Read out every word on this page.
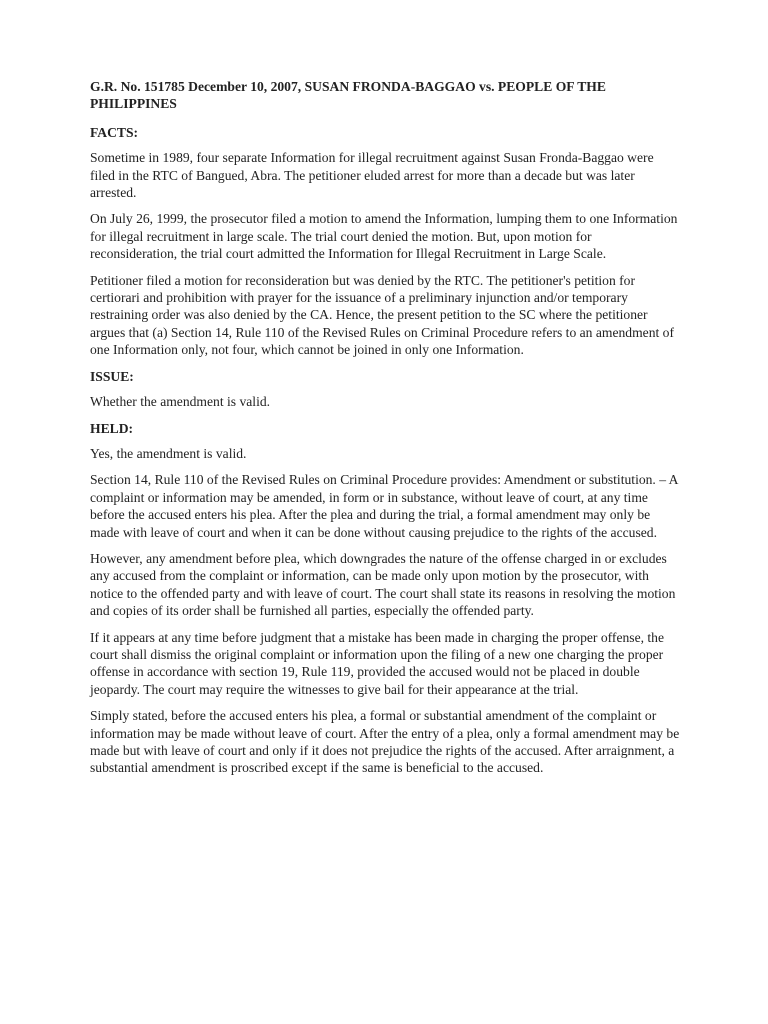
G.R. No. 151785 December 10, 2007, SUSAN FRONDA-BAGGAO vs. PEOPLE OF THE PHILIPPINES

FACTS:

Sometime in 1989, four separate Information for illegal recruitment against Susan Fronda-Baggao were filed in the RTC of Bangued, Abra. The petitioner eluded arrest for more than a decade but was later arrested.

On July 26, 1999, the prosecutor filed a motion to amend the Information, lumping them to one Information for illegal recruitment in large scale. The trial court denied the motion. But, upon motion for reconsideration, the trial court admitted the Information for Illegal Recruitment in Large Scale.

Petitioner filed a motion for reconsideration but was denied by the RTC. The petitioner's petition for certiorari and prohibition with prayer for the issuance of a preliminary injunction and/or temporary restraining order was also denied by the CA. Hence, the present petition to the SC where the petitioner argues that (a) Section 14, Rule 110 of the Revised Rules on Criminal Procedure refers to an amendment of one Information only, not four, which cannot be joined in only one Information.

ISSUE:

Whether the amendment is valid.

HELD:

Yes, the amendment is valid.

Section 14, Rule 110 of the Revised Rules on Criminal Procedure provides: Amendment or substitution. – A complaint or information may be amended, in form or in substance, without leave of court, at any time before the accused enters his plea. After the plea and during the trial, a formal amendment may only be made with leave of court and when it can be done without causing prejudice to the rights of the accused.

However, any amendment before plea, which downgrades the nature of the offense charged in or excludes any accused from the complaint or information, can be made only upon motion by the prosecutor, with notice to the offended party and with leave of court. The court shall state its reasons in resolving the motion and copies of its order shall be furnished all parties, especially the offended party.

If it appears at any time before judgment that a mistake has been made in charging the proper offense, the court shall dismiss the original complaint or information upon the filing of a new one charging the proper offense in accordance with section 19, Rule 119, provided the accused would not be placed in double jeopardy. The court may require the witnesses to give bail for their appearance at the trial.

Simply stated, before the accused enters his plea, a formal or substantial amendment of the complaint or information may be made without leave of court. After the entry of a plea, only a formal amendment may be made but with leave of court and only if it does not prejudice the rights of the accused. After arraignment, a substantial amendment is proscribed except if the same is beneficial to the accused.
